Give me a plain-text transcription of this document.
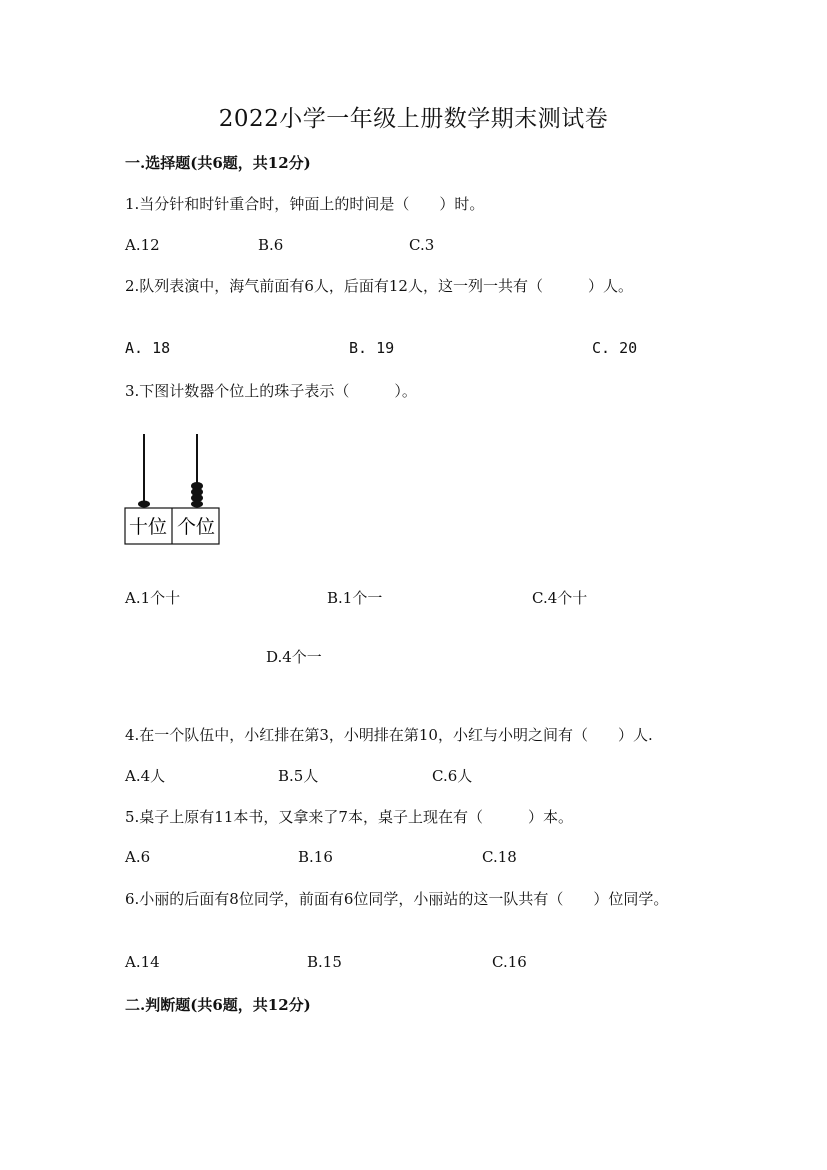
2022小学一年级上册数学期末测试卷
一.选择题(共6题，共12分)
1.当分针和时针重合时，钟面上的时间是（　　）时。
A.12	B.6	C.3
2.队列表演中，海气前面有6人，后面有12人，这一列一共有（　　　）人。
A. 18	B. 19	C. 20
3.下图计数器个位上的珠子表示（　　　）。
十位 个位
A.1个十	B.1个一	C.4个十
D.4个一
4.在一个队伍中，小红排在第3，小明排在第10，小红与小明之间有（　　）人.
A.4人	B.5人	C.6人
5.桌子上原有11本书，又拿来了7本，桌子上现在有（　　　）本。
A.6	B.16	C.18
6.小丽的后面有8位同学，前面有6位同学，小丽站的这一队共有（　　）位同学。
A.14	B.15	C.16
二.判断题(共6题，共12分)
